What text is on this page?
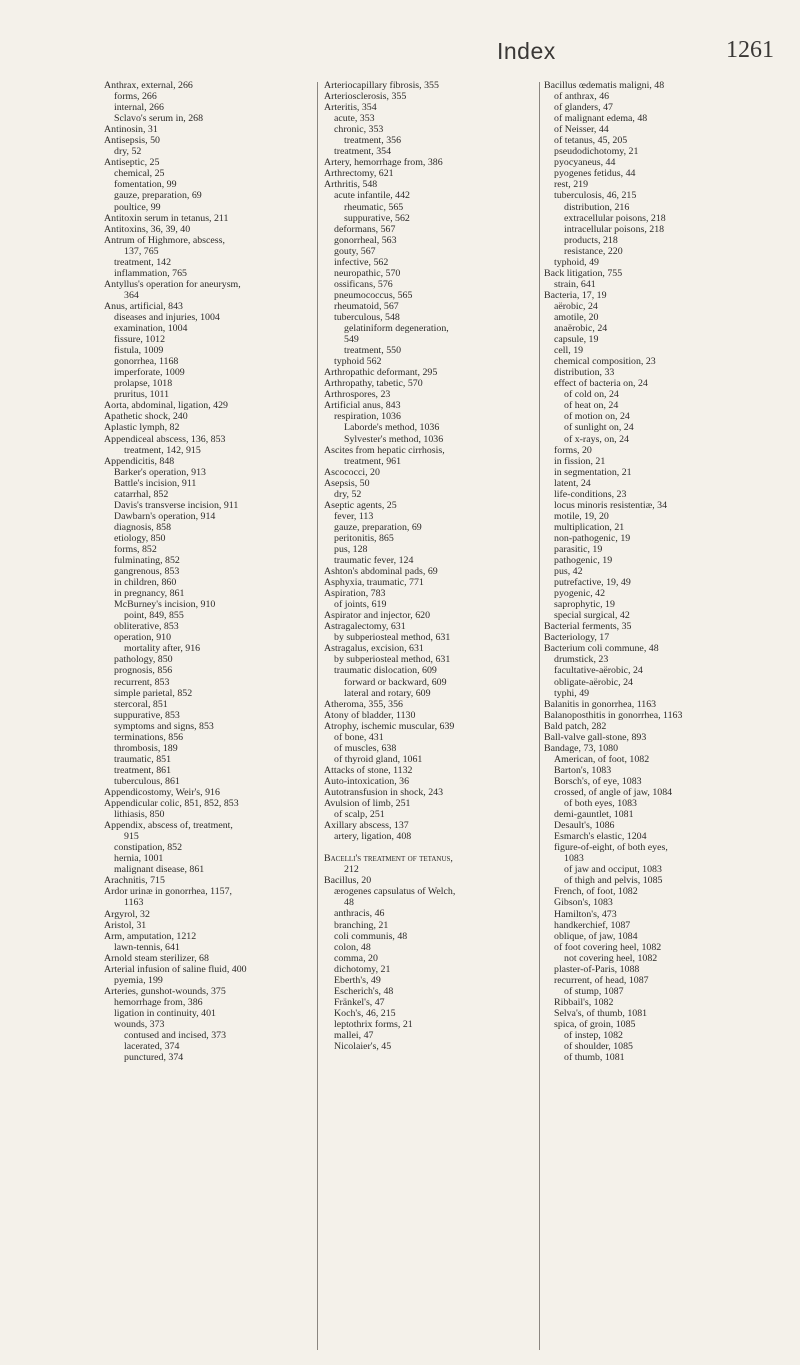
Index	1261
Anthrax, external, 266
forms, 266
internal, 266
Sclavo's serum in, 268
Antinosin, 31
Antisepsis, 50
dry, 52
Antiseptic, 25
chemical, 25
fomentation, 99
gauze, preparation, 69
poultice, 99
Antitoxin serum in tetanus, 211
Antitoxins, 36, 39, 40
Antrum of Highmore, abscess,
137, 765
treatment, 142
inflammation, 765
Antyllus's operation for aneurysm,
364
Anus, artificial, 843
diseases and injuries, 1004
examination, 1004
fissure, 1012
fistula, 1009
gonorrhea, 1168
imperforate, 1009
prolapse, 1018
pruritus, 1011
Aorta, abdominal, ligation, 429
Apathetic shock, 240
Aplastic lymph, 82
Appendiceal abscess, 136, 853
treatment, 142, 915
Appendicitis, 848
Barker's operation, 913
Battle's incision, 911
catarrhal, 852
Davis's transverse incision, 911
Dawbarn's operation, 914
diagnosis, 858
etiology, 850
forms, 852
fulminating, 852
gangrenous, 853
in children, 860
in pregnancy, 861
McBurney's incision, 910
point, 849, 855
obliterative, 853
operation, 910
mortality after, 916
pathology, 850
prognosis, 856
recurrent, 853
simple parietal, 852
stercoral, 851
suppurative, 853
symptoms and signs, 853
terminations, 856
thrombosis, 189
traumatic, 851
treatment, 861
tuberculous, 861
Appendicostomy, Weir's, 916
Appendicular colic, 851, 852, 853
lithiasis, 850
Appendix, abscess of, treatment,
915
constipation, 852
hernia, 1001
malignant disease, 861
Arachnitis, 715
Ardor urinæ in gonorrhea, 1157,
1163
Argyrol, 32
Aristol, 31
Arm, amputation, 1212
lawn-tennis, 641
Arnold steam sterilizer, 68
Arterial infusion of saline fluid, 400
pyemia, 199
Arteries, gunshot-wounds, 375
hemorrhage from, 386
ligation in continuity, 401
wounds, 373
contused and incised, 373
lacerated, 374
punctured, 374
Arteriocapillary fibrosis, 355
Arteriosclerosis, 355
Arteritis, 354
acute, 353
chronic, 353
treatment, 356
treatment, 354
Artery, hemorrhage from, 386
Arthrectomy, 621
Arthritis, 548
acute infantile, 442
rheumatic, 565
suppurative, 562
deformans, 567
gonorrheal, 563
gouty, 567
infective, 562
neuropathic, 570
ossificans, 576
pneumococcus, 565
rheumatoid, 567
tuberculous, 548
gelatiniform degeneration,
549
treatment, 550
typhoid 562
Arthropathic deformant, 295
Arthropathy, tabetic, 570
Arthrospores, 23
Artificial anus, 843
respiration, 1036
Laborde's method, 1036
Sylvester's method, 1036
Ascites from hepatic cirrhosis,
treatment, 961
Ascococci, 20
Asepsis, 50
dry, 52
Aseptic agents, 25
fever, 113
gauze, preparation, 69
peritonitis, 865
pus, 128
traumatic fever, 124
Ashton's abdominal pads, 69
Asphyxia, traumatic, 771
Aspiration, 783
of joints, 619
Aspirator and injector, 620
Astragalectomy, 631
by subperiosteal method, 631
Astragalus, excision, 631
by subperiosteal method, 631
traumatic dislocation, 609
forward or backward, 609
lateral and rotary, 609
Atheroma, 355, 356
Atony of bladder, 1130
Atrophy, ischemic muscular, 639
of bone, 431
of muscles, 638
of thyroid gland, 1061
Attacks of stone, 1132
Auto-intoxication, 36
Autotransfusion in shock, 243
Avulsion of limb, 251
of scalp, 251
Axillary abscess, 137
artery, ligation, 408
Bacelli's treatment of tetanus,
212
Bacillus, 20
ærogenes capsulatus of Welch,
48
anthracis, 46
branching, 21
coli communis, 48
colon, 48
comma, 20
dichotomy, 21
Eberth's, 49
Escherich's, 48
Fränkel's, 47
Koch's, 46, 215
leptothrix forms, 21
mallei, 47
Nicolaier's, 45
Bacillus œdematis maligni, 48
of anthrax, 46
of glanders, 47
of malignant edema, 48
of Neisser, 44
of tetanus, 45, 205
pseudodichotomy, 21
pyocyaneus, 44
pyogenes fetidus, 44
rest, 219
tuberculosis, 46, 215
distribution, 216
extracellular poisons, 218
intracellular poisons, 218
products, 218
resistance, 220
typhoid, 49
Back litigation, 755
strain, 641
Bacteria, 17, 19
aërobic, 24
amotile, 20
anaërobic, 24
capsule, 19
cell, 19
chemical composition, 23
distribution, 33
effect of bacteria on, 24
of cold on, 24
of heat on, 24
of motion on, 24
of sunlight on, 24
of x-rays, on, 24
forms, 20
in fission, 21
in segmentation, 21
latent, 24
life-conditions, 23
locus minoris resistentiæ, 34
motile, 19, 20
multiplication, 21
non-pathogenic, 19
parasitic, 19
pathogenic, 19
pus, 42
putrefactive, 19, 49
pyogenic, 42
saprophytic, 19
special surgical, 42
Bacterial ferments, 35
Bacteriology, 17
Bacterium coli commune, 48
drumstick, 23
facultative-aërobic, 24
obligate-aërobic, 24
typhi, 49
Balanitis in gonorrhea, 1163
Balanoposthitis in gonorrhea, 1163
Bald patch, 282
Ball-valve gall-stone, 893
Bandage, 73, 1080
American, of foot, 1082
Barton's, 1083
Borsch's, of eye, 1083
crossed, of angle of jaw, 1084
of both eyes, 1083
demi-gauntlet, 1081
Desault's, 1086
Esmarch's elastic, 1204
figure-of-eight, of both eyes,
1083
of jaw and occiput, 1083
of thigh and pelvis, 1085
French, of foot, 1082
Gibson's, 1083
Hamilton's, 473
handkerchief, 1087
oblique, of jaw, 1084
of foot covering heel, 1082
not covering heel, 1082
plaster-of-Paris, 1088
recurrent, of head, 1087
of stump, 1087
Ribbail's, 1082
Selva's, of thumb, 1081
spica, of groin, 1085
of instep, 1082
of shoulder, 1085
of thumb, 1081
